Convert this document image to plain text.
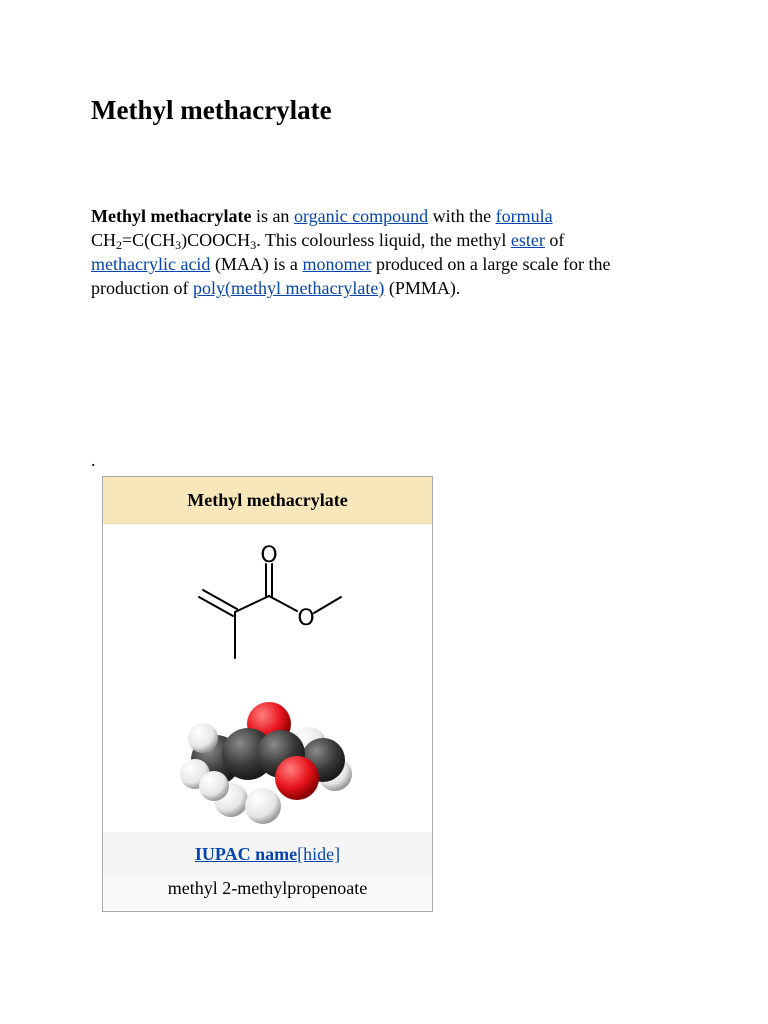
Methyl methacrylate

Methyl methacrylate is an organic compound with the formula
$CH_2=C(CH_3)COOCH_3$. This colourless liquid, the methyl ester of
methacrylic acid (MAA) is a monomer produced on a large scale for the production of poly(methyl methacrylate) (PMMA).

.
Methyl methacrylate
O
O
IUPAC name[hide]
methyl 2-methylpropenoate
